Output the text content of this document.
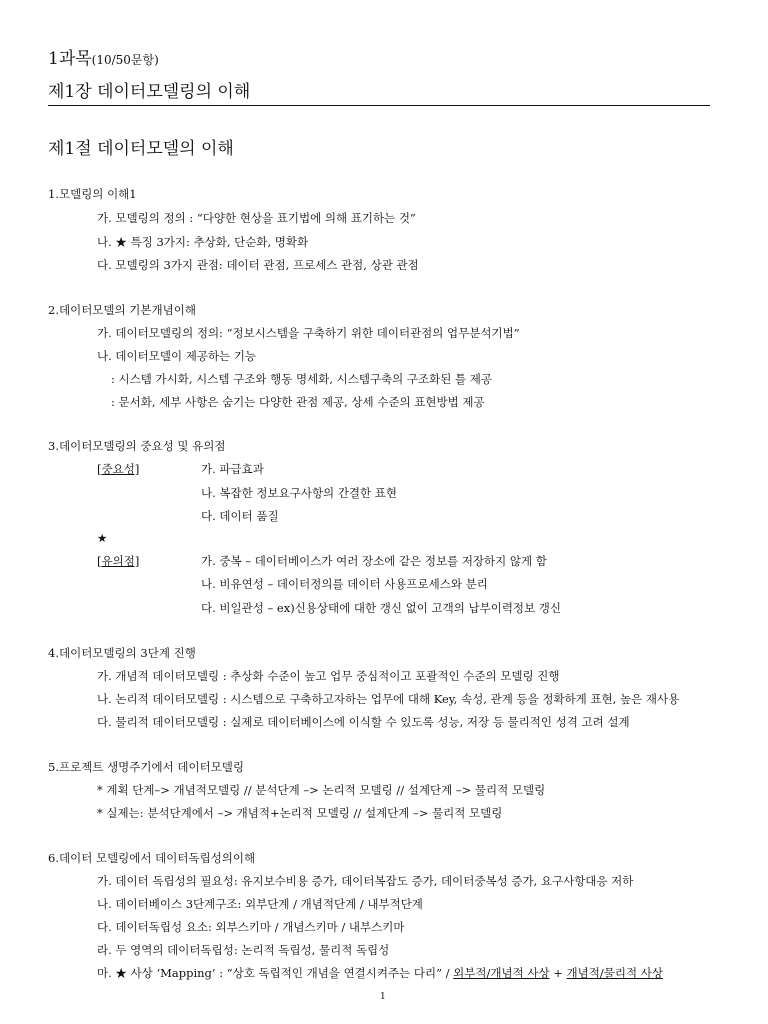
1과목(10/50문항)
제1장 데이터모델링의 이해
제1절 데이터모델의 이해
1.모델링의 이해1
가. 모델링의 정의 : “다양한 현상을 표기법에 의해 표기하는 것”
나. ★ 특징 3가지: 추상화, 단순화, 명확화
다. 모델링의 3가지 관점: 데이터 관점, 프로세스 관점, 상관 관점
2.데이터모델의 기본개념이해
가. 데이터모델링의 정의: “정보시스템을 구축하기 위한 데이터관점의 업무분석기법”
나. 데이터모델이 제공하는 기능
: 시스템 가시화, 시스템 구조와 행동 명세화, 시스템구축의 구조화된 틀 제공
: 문서화, 세부 사항은 숨기는 다양한 관점 제공, 상세 수준의 표현방법 제공
3.데이터모델링의 중요성 및 유의점
[중요성]	가. 파급효과
나. 복잡한 정보요구사항의 간결한 표현
다. 데이터 품질
★
[유의점]	가. 중복 – 데이터베이스가 여러 장소에 같은 정보를 저장하지 않게 함
나. 비유연성 – 데이터정의를 데이터 사용프로세스와 분리
다. 비일관성 – ex)신용상태에 대한 갱신 없이 고객의 납부이력정보 갱신
4.데이터모델링의 3단계 진행
가. 개념적 데이터모델링 : 추상화 수준이 높고 업무 중심적이고 포괄적인 수준의 모델링 진행
나. 논리적 데이터모델링 : 시스템으로 구축하고자하는 업무에 대해 Key, 속성, 관계 등을 정확하게 표현, 높은 재사용
다. 물리적 데이터모델링 : 실제로 데이터베이스에 이식할 수 있도록 성능, 저장 등 물리적인 성격 고려 설계
5.프로젝트 생명주기에서 데이터모델링
* 계획 단계–> 개념적모델링 // 분석단계 –> 논리적 모델링 // 설계단계 –> 물리적 모델링
* 실제는: 분석단계에서 –> 개념적+논리적 모델링 // 설계단계 –> 물리적 모델링
6.데이터 모델링에서 데이터독립성의이해
가. 데이터 독립성의 필요성: 유지보수비용 증가, 데이터복잡도 증가, 데이터중복성 증가, 요구사항대응 저하
나. 데이터베이스 3단계구조: 외부단계 / 개념적단계 / 내부적단계
다. 데이터독립성 요소: 외부스키마 / 개념스키마 / 내부스키마
라. 두 영역의 데이터독립성: 논리적 독립성, 물리적 독립성
마. ★ 사상 ‘Mapping’ : “상호 독립적인 개념을 연결시켜주는 다리” / 외부적/개념적 사상 + 개념적/물리적 사상
1
